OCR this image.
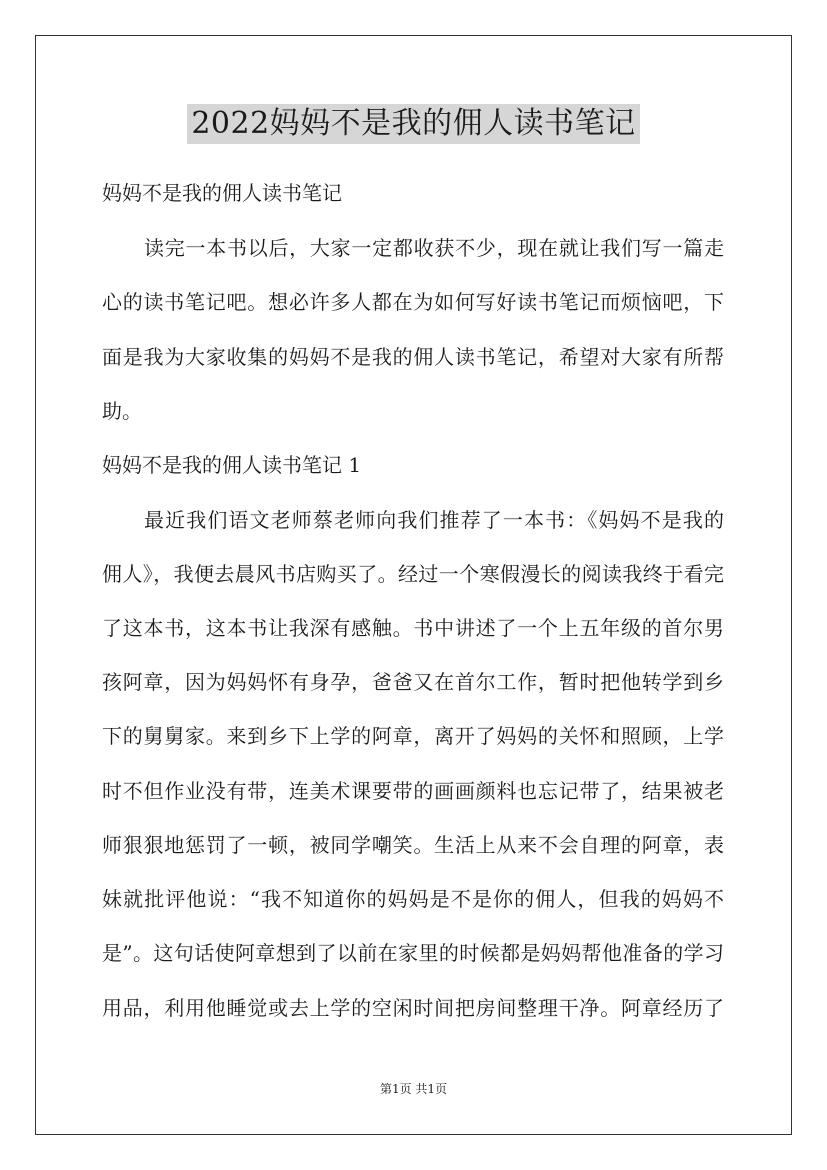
2022妈妈不是我的佣人读书笔记
妈妈不是我的佣人读书笔记
读完一本书以后，大家一定都收获不少，现在就让我们写一篇走
心的读书笔记吧。想必许多人都在为如何写好读书笔记而烦恼吧，下
面是我为大家收集的妈妈不是我的佣人读书笔记，希望对大家有所帮
助。
妈妈不是我的佣人读书笔记 1
最近我们语文老师蔡老师向我们推荐了一本书：《妈妈不是我的
佣人》，我便去晨风书店购买了。经过一个寒假漫长的阅读我终于看完
了这本书，这本书让我深有感触。书中讲述了一个上五年级的首尔男
孩阿章，因为妈妈怀有身孕，爸爸又在首尔工作，暂时把他转学到乡
下的舅舅家。来到乡下上学的阿章，离开了妈妈的关怀和照顾，上学
时不但作业没有带，连美术课要带的画画颜料也忘记带了，结果被老
师狠狠地惩罚了一顿，被同学嘲笑。生活上从来不会自理的阿章，表
妹就批评他说：“我不知道你的妈妈是不是你的佣人，但我的妈妈不
是”。这句话使阿章想到了以前在家里的时候都是妈妈帮他准备的学习
用品，利用他睡觉或去上学的空闲时间把房间整理干净。阿章经历了
第1页 共1页
